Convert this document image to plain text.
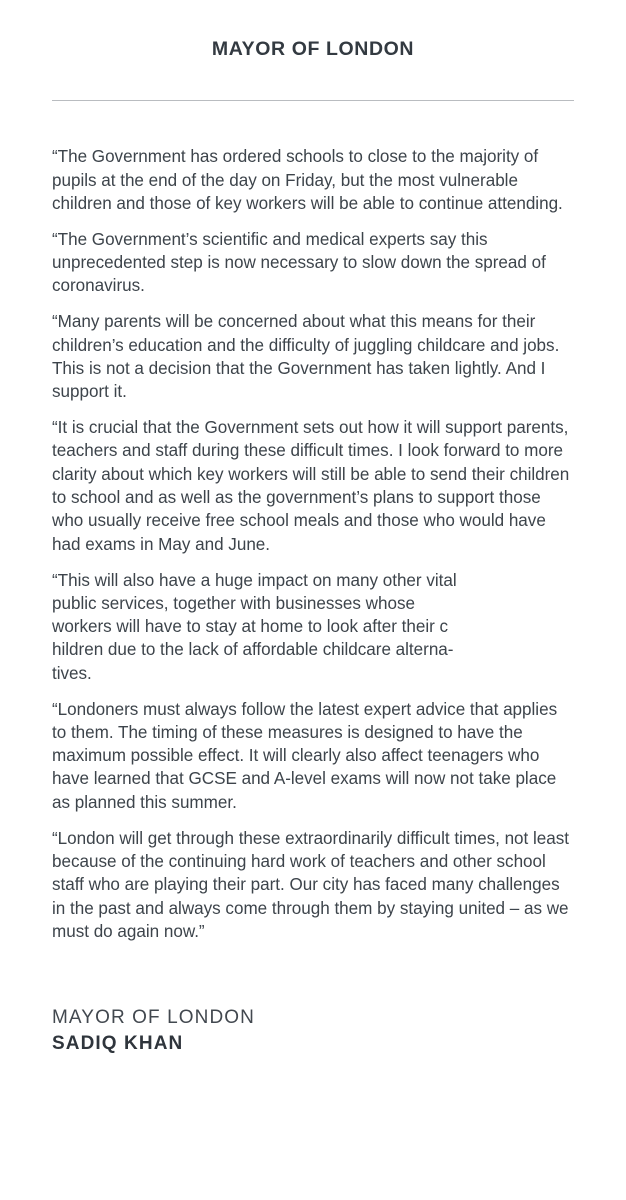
MAYOR OF LONDON

“The Government has ordered schools to close to the majority of pupils at the end of the day on Friday, but the most vulnerable children and those of key workers will be able to continue attending.

“The Government’s scientific and medical experts say this unprecedented step is now necessary to slow down the spread of coronavirus.

“Many parents will be concerned about what this means for their children’s education and the difficulty of juggling childcare and jobs. This is not a decision that the Government has taken lightly. And I support it.

“It is crucial that the Government sets out how it will support parents, teachers and staff during these difficult times. I look forward to more clarity about which key workers will still be able to send their children to school and as well as the government’s plans to support those who usually receive free school meals and those who would have had exams in May and June.

“This will also have a huge impact on many other vital
public services, together with businesses whose
workers will have to stay at home to look after their c
hildren due to the lack of affordable childcare alterna-
tives.

“Londoners must always follow the latest expert advice that applies to them. The timing of these measures is designed to have the maximum possible effect. It will clearly also affect teenagers who have learned that GCSE and A-level exams will now not take place as planned this summer.

“London will get through these extraordinarily difficult times, not least because of the continuing hard work of teachers and other school staff who are playing their part. Our city has faced many challenges in the past and always come through them by staying united – as we must do again now.”

MAYOR OF LONDON
SADIQ KHAN
